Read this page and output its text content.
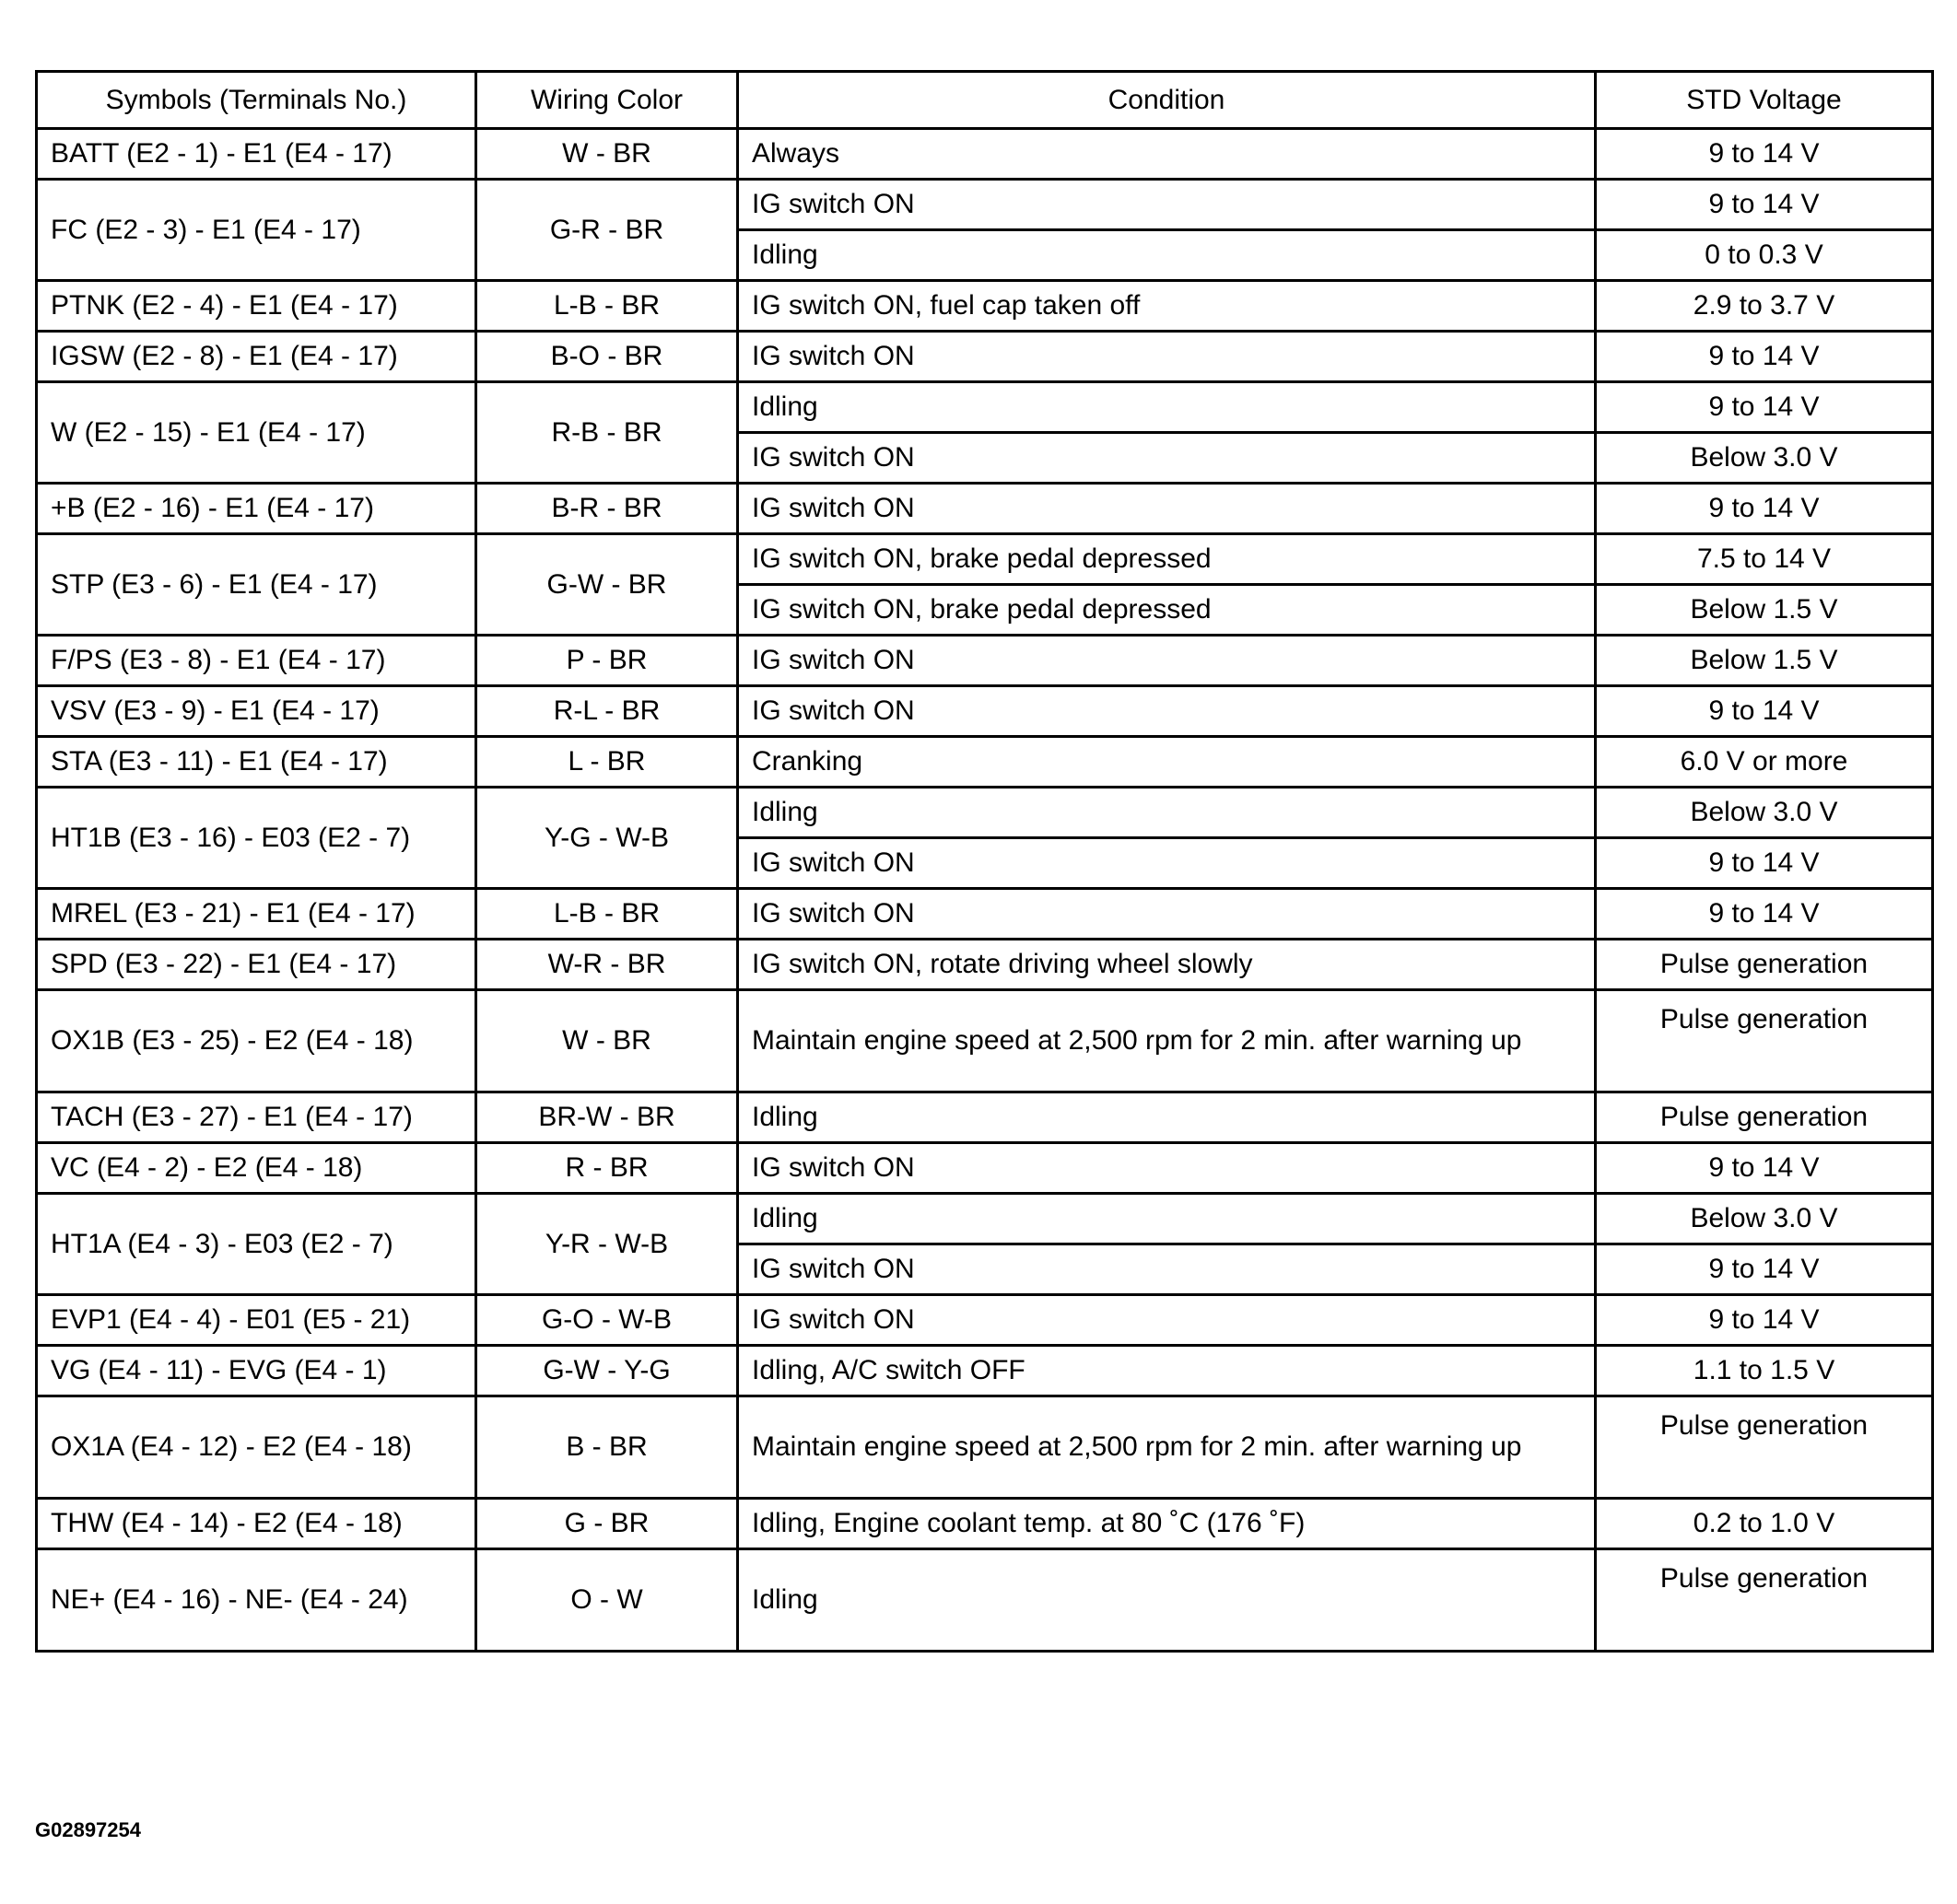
Symbols (Terminals No.)	Wiring Color	Condition	STD Voltage
BATT (E2 - 1) - E1 (E4 - 17)	W - BR	Always	9 to 14 V
FC (E2 - 3) - E1 (E4 - 17)	G-R - BR	IG switch ON	9 to 14 V
		Idling	0 to 0.3 V
PTNK (E2 - 4) - E1 (E4 - 17)	L-B - BR	IG switch ON, fuel cap taken off	2.9 to 3.7 V
IGSW (E2 - 8) - E1 (E4 - 17)	B-O - BR	IG switch ON	9 to 14 V
W (E2 - 15) - E1 (E4 - 17)	R-B - BR	Idling	9 to 14 V
		IG switch ON	Below 3.0 V
+B (E2 - 16) - E1 (E4 - 17)	B-R - BR	IG switch ON	9 to 14 V
STP (E3 - 6) - E1 (E4 - 17)	G-W - BR	IG switch ON, brake pedal depressed	7.5 to 14 V
		IG switch ON, brake pedal depressed	Below 1.5 V
F/PS (E3 - 8) - E1 (E4 - 17)	P - BR	IG switch ON	Below 1.5 V
VSV (E3 - 9) - E1 (E4 - 17)	R-L - BR	IG switch ON	9 to 14 V
STA (E3 - 11) - E1 (E4 - 17)	L - BR	Cranking	6.0 V or more
HT1B (E3 - 16) - E03 (E2 - 7)	Y-G - W-B	Idling	Below 3.0 V
		IG switch ON	9 to 14 V
MREL (E3 - 21) - E1 (E4 - 17)	L-B - BR	IG switch ON	9 to 14 V
SPD (E3 - 22) - E1 (E4 - 17)	W-R - BR	IG switch ON, rotate driving wheel slowly	Pulse generation
OX1B (E3 - 25) - E2 (E4 - 18)	W - BR	Maintain engine speed at 2,500 rpm for 2 min. after warning up	Pulse generation
TACH (E3 - 27) - E1 (E4 - 17)	BR-W - BR	Idling	Pulse generation
VC (E4 - 2) - E2 (E4 - 18)	R - BR	IG switch ON	9 to 14 V
HT1A (E4 - 3) - E03 (E2 - 7)	Y-R - W-B	Idling	Below 3.0 V
		IG switch ON	9 to 14 V
EVP1 (E4 - 4) - E01 (E5 - 21)	G-O - W-B	IG switch ON	9 to 14 V
VG (E4 - 11) - EVG (E4 - 1)	G-W - Y-G	Idling, A/C switch OFF	1.1 to 1.5 V
OX1A (E4 - 12) - E2 (E4 - 18)	B - BR	Maintain engine speed at 2,500 rpm for 2 min. after warning up	Pulse generation
THW (E4 - 14) - E2 (E4 - 18)	G - BR	Idling, Engine coolant temp. at 80 ˚C (176 ˚F)	0.2 to 1.0 V
NE+ (E4 - 16) - NE- (E4 - 24)	O - W	Idling	Pulse generation
G02897254
